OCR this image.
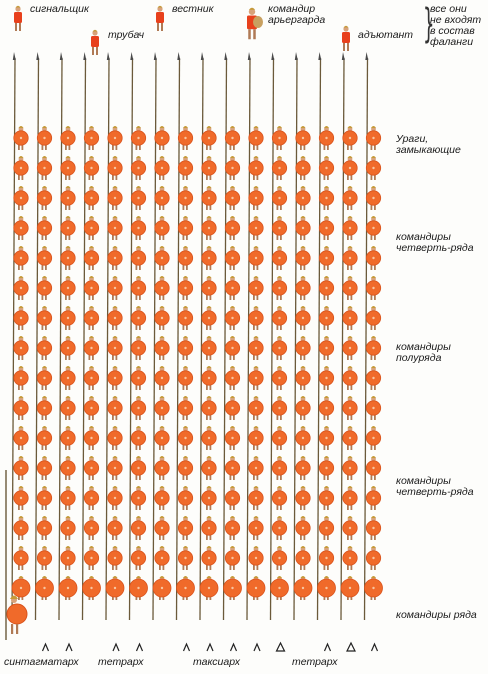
сигнальщик
трубач
вестник	командир
арьергарда
адъютант }
все они
не входят
в состав
фаланги
Ураги,
замыкающие
командиры
четверть-ряда
командиры
полуряда
командиры
четверть-ряда
командиры ряда
синтагматарх тетрарх	таксиарх	тетрарх
